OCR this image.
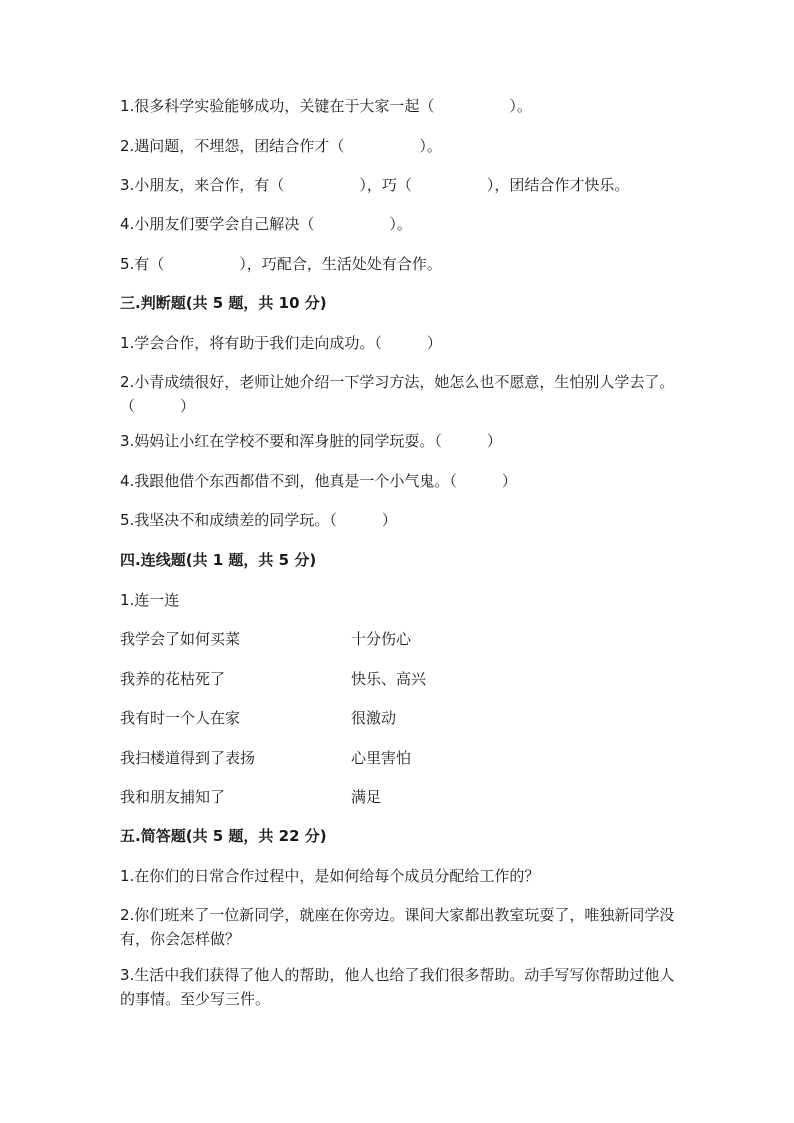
1.很多科学实验能够成功，关键在于大家一起（　　　　　）。
2.遇问题，不埋怨，团结合作才（　　　　　）。
3.小朋友，来合作，有（　　　　　），巧（　　　　　），团结合作才快乐。
4.小朋友们要学会自己解决（　　　　　）。
5.有（　　　　　），巧配合，生活处处有合作。
三.判断题(共 5 题，共 10 分)
1.学会合作，将有助于我们走向成功。（　　　）
2.小青成绩很好，老师让她介绍一下学习方法，她怎么也不愿意，生怕别人学去了。（　　　）
3.妈妈让小红在学校不要和浑身脏的同学玩耍。（　　　）
4.我跟他借个东西都借不到，他真是一个小气鬼。（　　　）
5.我坚决不和成绩差的同学玩。（　　　）
四.连线题(共 1 题，共 5 分)
1.连一连
我学会了如何买菜	十分伤心
我养的花枯死了	快乐、高兴
我有时一个人在家	很激动
我扫楼道得到了表扬	心里害怕
我和朋友捕知了	满足
五.简答题(共 5 题，共 22 分)
1.在你们的日常合作过程中，是如何给每个成员分配给工作的？
2.你们班来了一位新同学，就座在你旁边。课间大家都出教室玩耍了，唯独新同学没有，你会怎样做？
3.生活中我们获得了他人的帮助，他人也给了我们很多帮助。动手写写你帮助过他人的事情。至少写三件。
